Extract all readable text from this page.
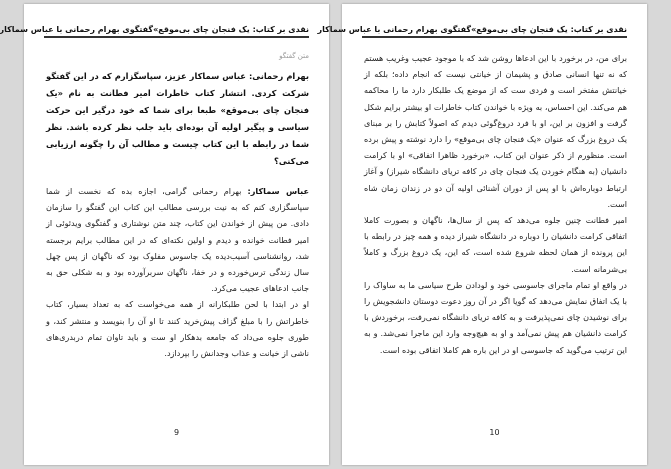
نقدی بر کتاب: یک فنجان چای بی‌موقع»
گفتگوی بهرام رحمانی با عباس سماکار

متن گفتگو

بهرام رحمانی: عباس سماکار عزیز، سپاسگزارم که در این گفتگو شرکت کردی. انتشار کتاب خاطرات امیر فطانت به نام «یک فنجان چای بی‌موقع» طبعا برای شما که خود درگیر این حرکت سیاسی و پیگیر اولیه آن بوده‌ای باید جلب نظر کرده باشد. نظر شما در رابطه با این کتاب چیست و مطالب آن را چگونه ارزیابی می‌کنی؟

عباس سماکار: بهرام رحمانی گرامی، اجازه بده که نخست از شما سپاسگزاری کنم که به نیت بررسی مطالب این کتاب این گفتگو را سازمان دادی. من پیش از خواندن این کتاب، چند متن نوشتاری و گفتگوی ویدئوئی از امیر فطانت خوانده و دیدم و اولین نکته‌ای که در این مطالب برایم برجسته شد، روانشناسی آسیب‌دیده یک جاسوس مفلوک بود که ناگهان از پس چهل سال زندگی ترس‌خورده و در خفا، ناگهان سربرآورده بود و به شکلی حق به جانب ادعاهای عجیب می‌کرد.

او در ابتدا با لحن طلبکارانه از همه می‌خواست که به تعداد بسیار، کتاب خاطراتش را با مبلغ گزاف پیش‌خرید کنند تا او آن را بنویسد و منتشر کند، و طوری جلوه می‌داد که جامعه بدهکار او ست و باید تاوان تمام دربدری‌های ناشی از خیانت و عذاب وجدانش را بپردازد.

9
نقدی بر کتاب: یک فنجان چای بی‌موقع»
گفتگوی بهرام رحمانی با عباس سماکار

برای من، در برخورد با این ادعاها روشن شد که با موجود عجیب وغریب هستم که نه تنها انسانی صادق و پشیمان از خیانتی نیست که انجام داده؛ بلکه از خیانتش مفتخر است و فردی ست که از موضع یک طلبکار دارد ما را محاکمه هم می‌کند. این احساس، به ویژه با خواندن کتاب خاطرات او بیشتر برایم شکل گرفت و افزون بر این، او با فرد دروغ‌گوئی دیدم که اصولاً کتابش را بر مبنای یک دروغ بزرگ که عنوان «یک فنجان چای بی‌موقع» را دارد نوشته و پیش برده است. منظورم از ذکر عنوان این کتاب، «برخورد ظاهرا اتفاقی» او با کرامت دانشیان (به هنگام خوردن یک فنجان چای در کافه تریای دانشگاه شیراز) و آغاز ارتباط دوباره‌اش با او پس از دوران آشنائی اولیه آن دو در زندان زمان شاه است.

امیر فطانت چنین جلوه می‌دهد که پس از سال‌ها، ناگهان و بصورت کاملا اتفاقی کرامت دانشیان را دوباره در دانشگاه شیراز دیده و همه چیز در رابطه با این پرونده از همان لحظه شروع شده است، که این، یک دروغ بزرگ و کاملاً بی‌شرمانه است.

در واقع او تمام ماجرای جاسوسی خود و لودادن طرح سیاسی ما به ساواک را با یک اتفاق نمایش می‌دهد که گویا اگر در آن روز دعوت دوستان دانشجویش را برای نوشیدن چای نمی‌پذیرفت و به کافه تریای دانشگاه نمی‌رفت، برخوردش با کرامت دانشیان هم پیش نمی‌آمد و او به هیچ‌وجه وارد این ماجرا نمی‌شد. و به این ترتیب می‌گوید که جاسوسی او در این باره هم کاملا اتفاقی بوده است.

10
